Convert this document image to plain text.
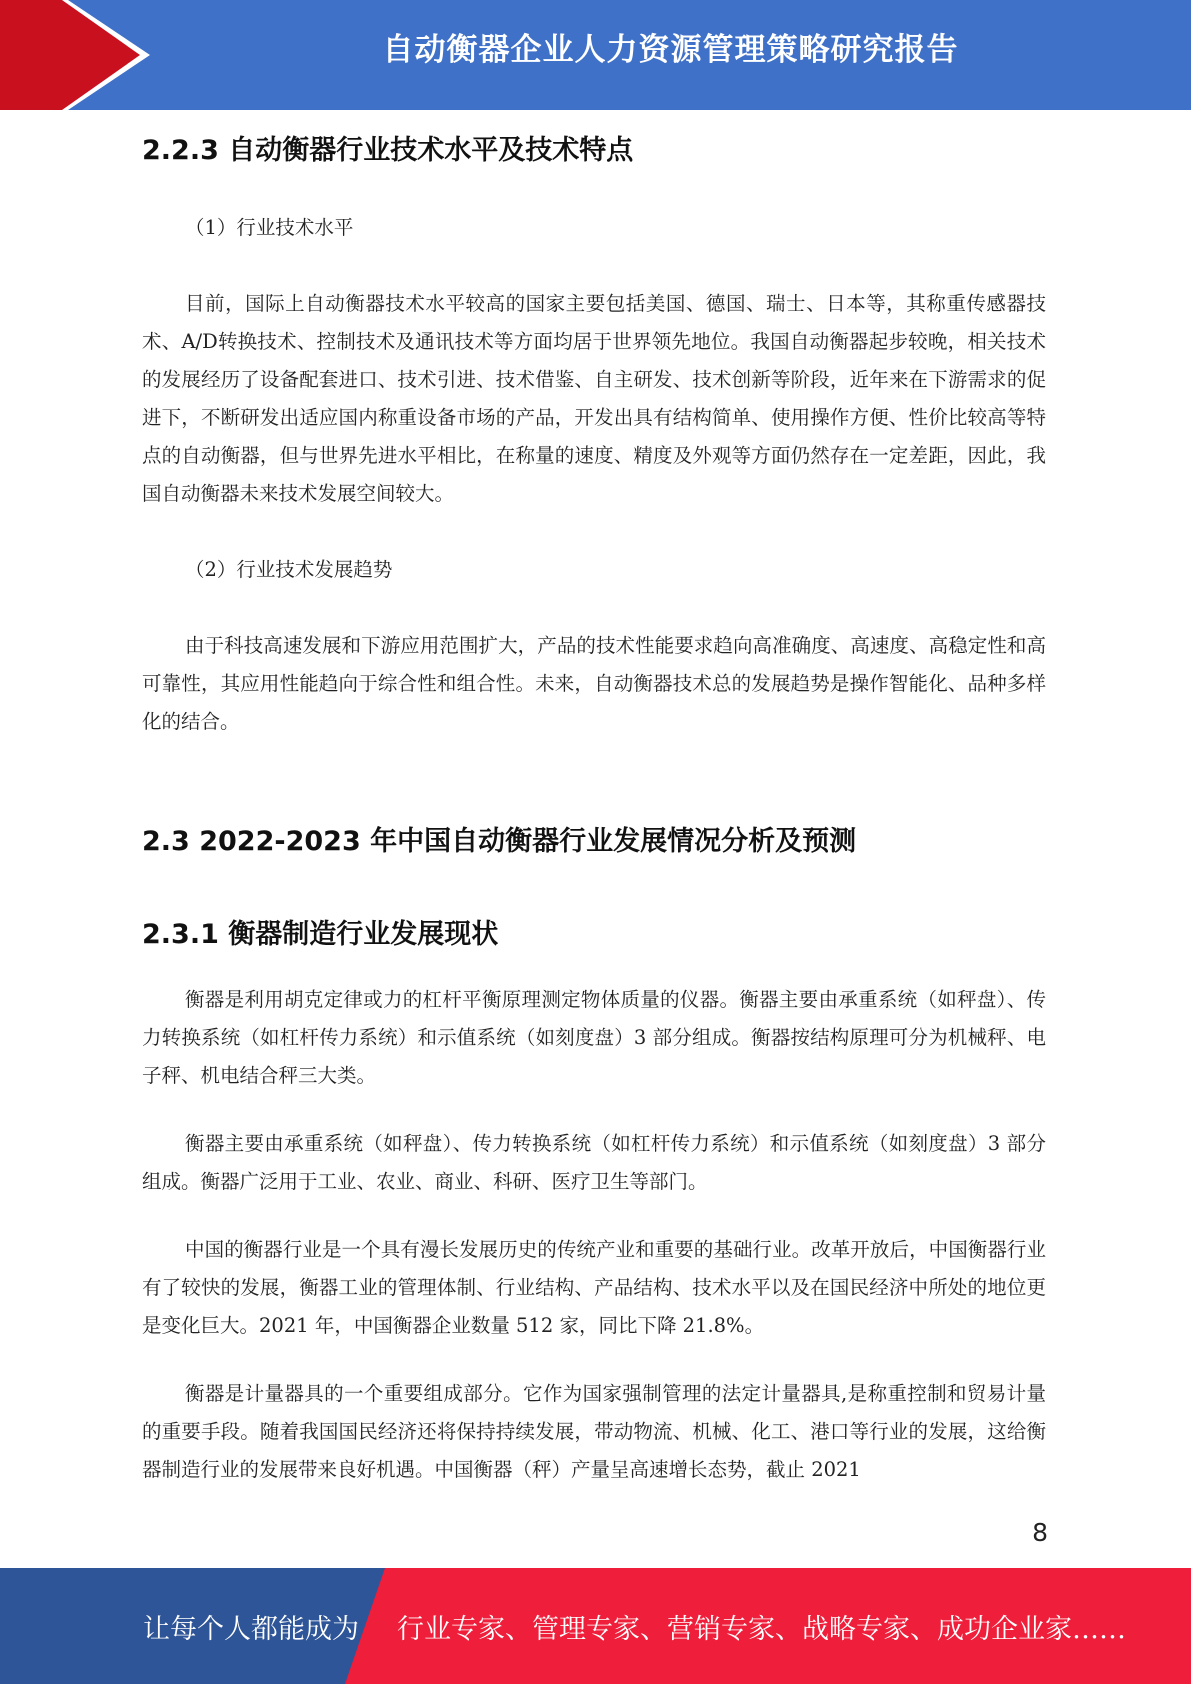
自动衡器企业人力资源管理策略研究报告
2.2.3 自动衡器行业技术水平及技术特点

（1）行业技术水平

目前，国际上自动衡器技术水平较高的国家主要包括美国、德国、瑞士、日本等，其称重传感器技术、A/D转换技术、控制技术及通讯技术等方面均居于世界领先地位。我国自动衡器起步较晚，相关技术的发展经历了设备配套进口、技术引进、技术借鉴、自主研发、技术创新等阶段，近年来在下游需求的促进下，不断研发出适应国内称重设备市场的产品，开发出具有结构简单、使用操作方便、性价比较高等特点的自动衡器，但与世界先进水平相比，在称量的速度、精度及外观等方面仍然存在一定差距，因此，我国自动衡器未来技术发展空间较大。

（2）行业技术发展趋势

由于科技高速发展和下游应用范围扩大，产品的技术性能要求趋向高准确度、高速度、高稳定性和高可靠性，其应用性能趋向于综合性和组合性。未来，自动衡器技术总的发展趋势是操作智能化、品种多样化的结合。

2.3 2022-2023 年中国自动衡器行业发展情况分析及预测
2.3.1 衡器制造行业发展现状

衡器是利用胡克定律或力的杠杆平衡原理测定物体质量的仪器。衡器主要由承重系统（如秤盘）、传力转换系统（如杠杆传力系统）和示值系统（如刻度盘）3 部分组成。衡器按结构原理可分为机械秤、电子秤、机电结合秤三大类。

衡器主要由承重系统（如秤盘）、传力转换系统（如杠杆传力系统）和示值系统（如刻度盘）3 部分组成。衡器广泛用于工业、农业、商业、科研、医疗卫生等部门。

中国的衡器行业是一个具有漫长发展历史的传统产业和重要的基础行业。改革开放后，中国衡器行业有了较快的发展，衡器工业的管理体制、行业结构、产品结构、技术水平以及在国民经济中所处的地位更是变化巨大。2021 年，中国衡器企业数量 512 家，同比下降 21.8%。

衡器是计量器具的一个重要组成部分。它作为国家强制管理的法定计量器具,是称重控制和贸易计量的重要手段。随着我国国民经济还将保持持续发展，带动物流、机械、化工、港口等行业的发展，这给衡器制造行业的发展带来良好机遇。中国衡器（秤）产量呈高速增长态势，截止 2021

8
让每个人都能成为 行业专家、管理专家、营销专家、战略专家、成功企业家……
